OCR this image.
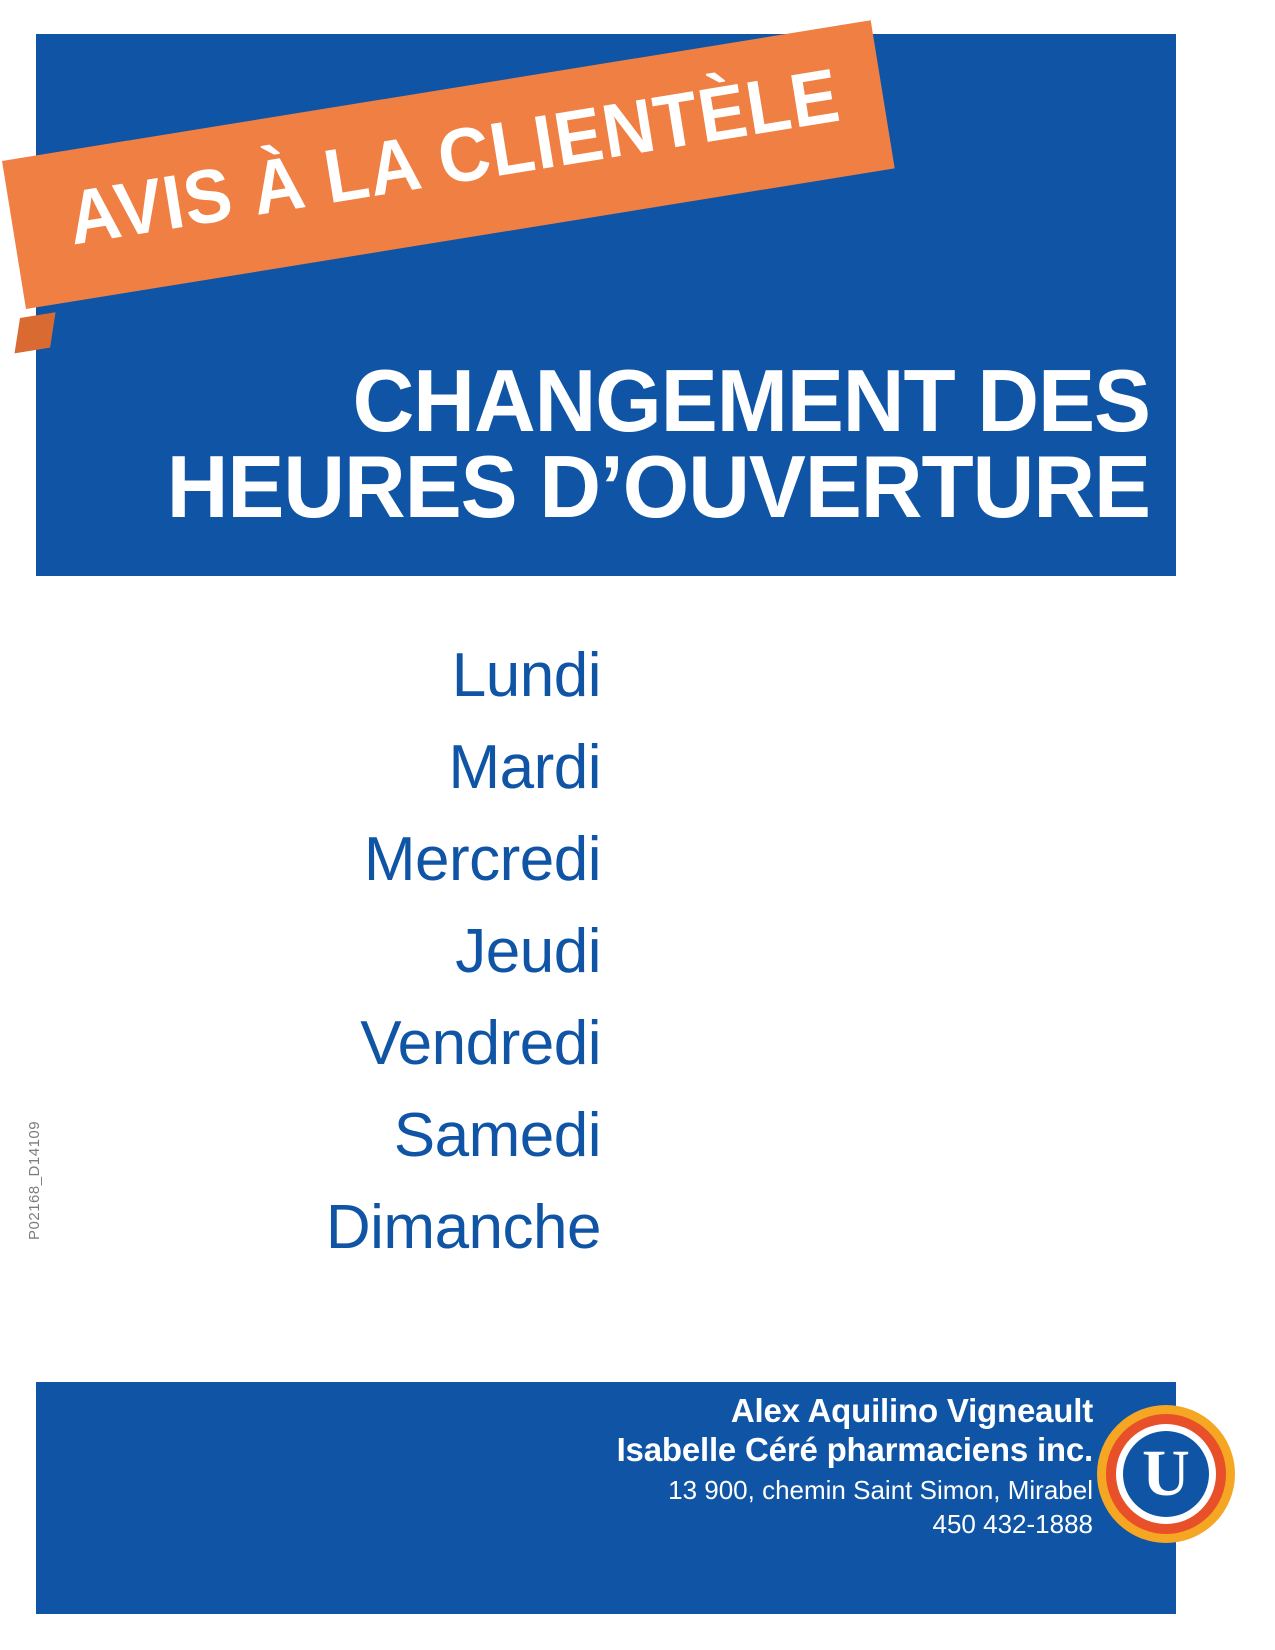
AVIS À LA CLIENTÈLE
CHANGEMENT DES
HEURES D’OUVERTURE
Lundi
Mardi
Mercredi
Jeudi
Vendredi
Samedi
Dimanche
P02168_D14109
Alex Aquilino Vigneault
Isabelle Céré pharmaciens inc.
13 900, chemin Saint Simon, Mirabel
450 432-1888
U
